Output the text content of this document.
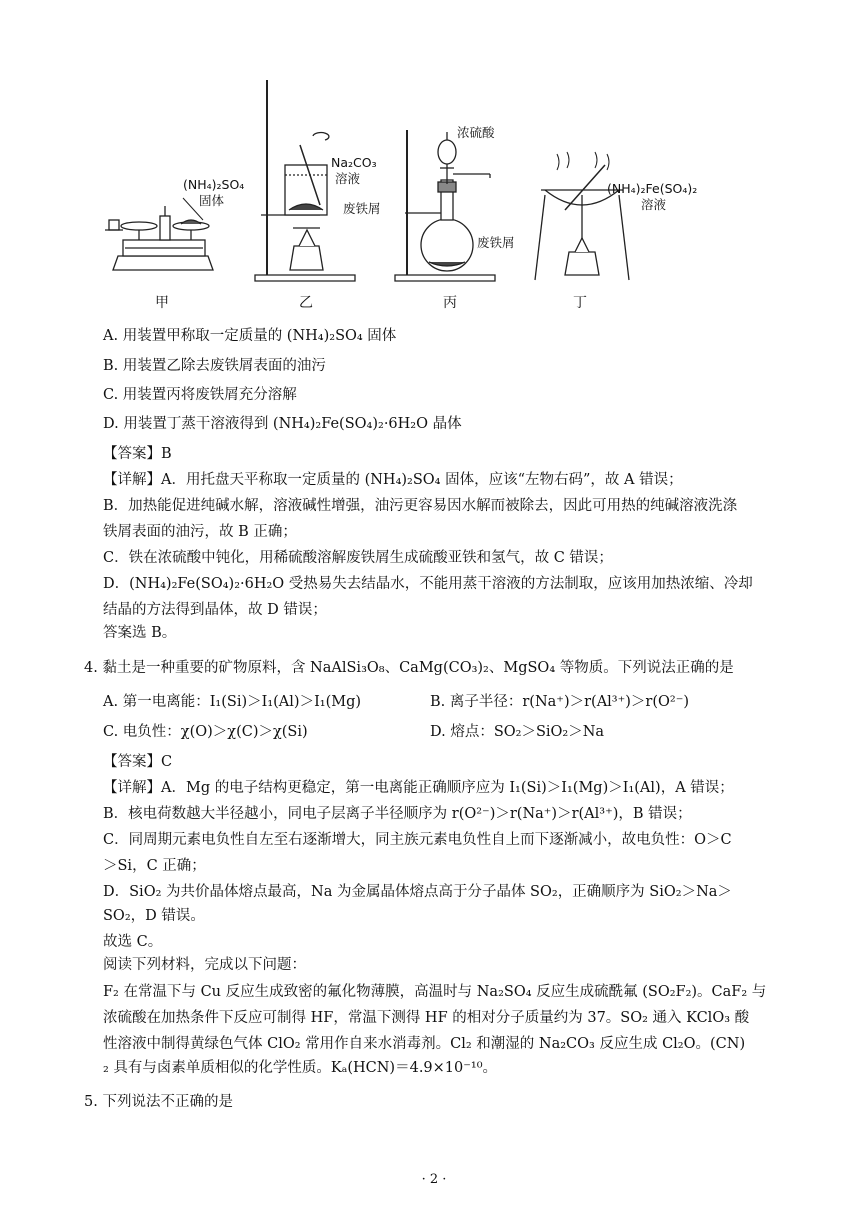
(NH₄)₂SO₄
固体
甲
Na₂CO₃
溶液
废铁屑
乙
浓硫酸
废铁屑
丙
(NH₄)₂Fe(SO₄)₂
溶液
丁
A. 用装置甲称取一定质量的 (NH₄)₂SO₄ 固体
B. 用装置乙除去废铁屑表面的油污
C. 用装置丙将废铁屑充分溶解
D. 用装置丁蒸干溶液得到 (NH₄)₂Fe(SO₄)₂·6H₂O 晶体
【答案】B
【详解】A．用托盘天平称取一定质量的 (NH₄)₂SO₄ 固体，应该“左物右码”，故 A 错误；
B．加热能促进纯碱水解，溶液碱性增强，油污更容易因水解而被除去，因此可用热的纯碱溶液洗涤
铁屑表面的油污，故 B 正确；
C．铁在浓硫酸中钝化，用稀硫酸溶解废铁屑生成硫酸亚铁和氢气，故 C 错误；
D．(NH₄)₂Fe(SO₄)₂·6H₂O 受热易失去结晶水，不能用蒸干溶液的方法制取，应该用加热浓缩、冷却
结晶的方法得到晶体，故 D 错误；
答案选 B。
4. 黏土是一种重要的矿物原料，含 NaAlSi₃O₈、CaMg(CO₃)₂、MgSO₄ 等物质。下列说法正确的是
A. 第一电离能：I₁(Si)＞I₁(Al)＞I₁(Mg)	B. 离子半径：r(Na⁺)＞r(Al³⁺)＞r(O²⁻)
C. 电负性：χ(O)＞χ(C)＞χ(Si)	D. 熔点：SO₂＞SiO₂＞Na
【答案】C
【详解】A．Mg 的电子结构更稳定，第一电离能正确顺序应为 I₁(Si)＞I₁(Mg)＞I₁(Al)，A 错误；
B．核电荷数越大半径越小，同电子层离子半径顺序为 r(O²⁻)＞r(Na⁺)＞r(Al³⁺)，B 错误；
C．同周期元素电负性自左至右逐渐增大，同主族元素电负性自上而下逐渐减小，故电负性：O＞C
＞Si，C 正确；
D．SiO₂ 为共价晶体熔点最高，Na 为金属晶体熔点高于分子晶体 SO₂，正确顺序为 SiO₂＞Na＞
SO₂，D 错误。
故选 C。
阅读下列材料，完成以下问题：
F₂ 在常温下与 Cu 反应生成致密的氟化物薄膜，高温时与 Na₂SO₄ 反应生成硫酰氟 (SO₂F₂)。CaF₂ 与
浓硫酸在加热条件下反应可制得 HF，常温下测得 HF 的相对分子质量约为 37。SO₂ 通入 KClO₃ 酸
性溶液中制得黄绿色气体 ClO₂ 常用作自来水消毒剂。Cl₂ 和潮湿的 Na₂CO₃ 反应生成 Cl₂O。(CN)
₂ 具有与卤素单质相似的化学性质。Kₐ(HCN)＝4.9×10⁻¹⁰。
5. 下列说法不正确的是
· 2 ·
